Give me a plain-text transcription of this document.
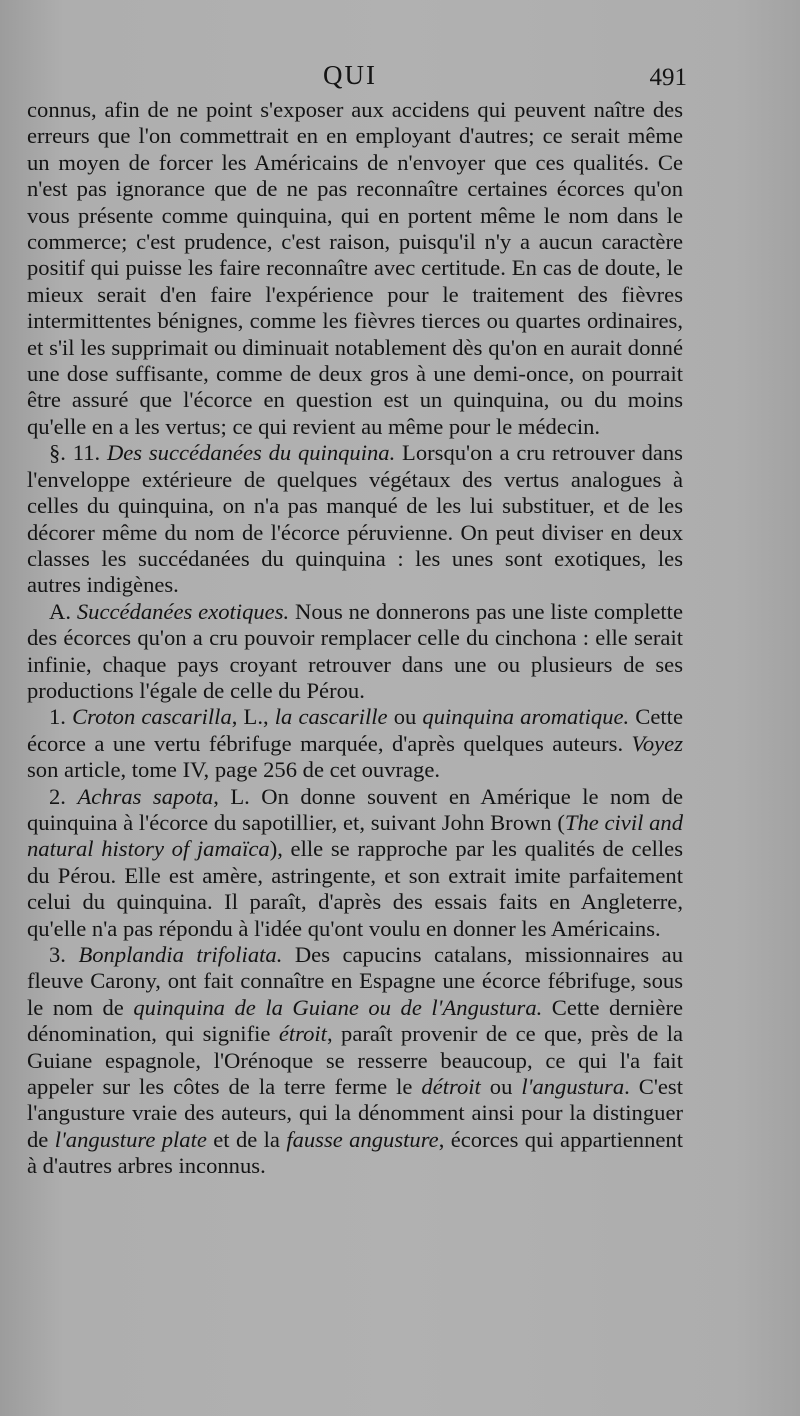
QUI	491

connus, afin de ne point s'exposer aux accidens qui peuvent naître des erreurs que l'on commettrait en en employant d'autres; ce serait même un moyen de forcer les Américains de n'envoyer que ces qualités. Ce n'est pas ignorance que de ne pas reconnaître certaines écorces qu'on vous présente comme quinquina, qui en portent même le nom dans le commerce; c'est prudence, c'est raison, puisqu'il n'y a aucun caractère positif qui puisse les faire reconnaître avec certitude. En cas de doute, le mieux serait d'en faire l'expérience pour le traitement des fièvres intermittentes bénignes, comme les fièvres tierces ou quartes ordinaires, et s'il les supprimait ou diminuait notablement dès qu'on en aurait donné une dose suffisante, comme de deux gros à une demi-once, on pourrait être assuré que l'écorce en question est un quinquina, ou du moins qu'elle en a les vertus; ce qui revient au même pour le médecin.

§. 11. Des succédanées du quinquina. Lorsqu'on a cru retrouver dans l'enveloppe extérieure de quelques végétaux des vertus analogues à celles du quinquina, on n'a pas manqué de les lui substituer, et de les décorer même du nom de l'écorce péruvienne. On peut diviser en deux classes les succédanées du quinquina : les unes sont exotiques, les autres indigènes.

A. Succédanées exotiques. Nous ne donnerons pas une liste complette des écorces qu'on a cru pouvoir remplacer celle du cinchona : elle serait infinie, chaque pays croyant retrouver dans une ou plusieurs de ses productions l'égale de celle du Pérou.

1. Croton cascarilla, L., la cascarille ou quinquina aromatique. Cette écorce a une vertu fébrifuge marquée, d'après quelques auteurs. Voyez son article, tome IV, page 256 de cet ouvrage.

2. Achras sapota, L. On donne souvent en Amérique le nom de quinquina à l'écorce du sapotillier, et, suivant John Brown (The civil and natural history of jamaïca), elle se rapproche par les qualités de celles du Pérou. Elle est amère, astringente, et son extrait imite parfaitement celui du quinquina. Il paraît, d'après des essais faits en Angleterre, qu'elle n'a pas répondu à l'idée qu'ont voulu en donner les Américains.

3. Bonplandia trifoliata. Des capucins catalans, missionnaires au fleuve Carony, ont fait connaître en Espagne une écorce fébrifuge, sous le nom de quinquina de la Guiane ou de l'Angustura. Cette dernière dénomination, qui signifie étroit, paraît provenir de ce que, près de la Guiane espagnole, l'Orénoque se resserre beaucoup, ce qui l'a fait appeler sur les côtes de la terre ferme le détroit ou l'angustura. C'est l'angusture vraie des auteurs, qui la dénomment ainsi pour la distinguer de l'angusture plate et de la fausse angusture, écorces qui appartiennent à d'autres arbres inconnus.
